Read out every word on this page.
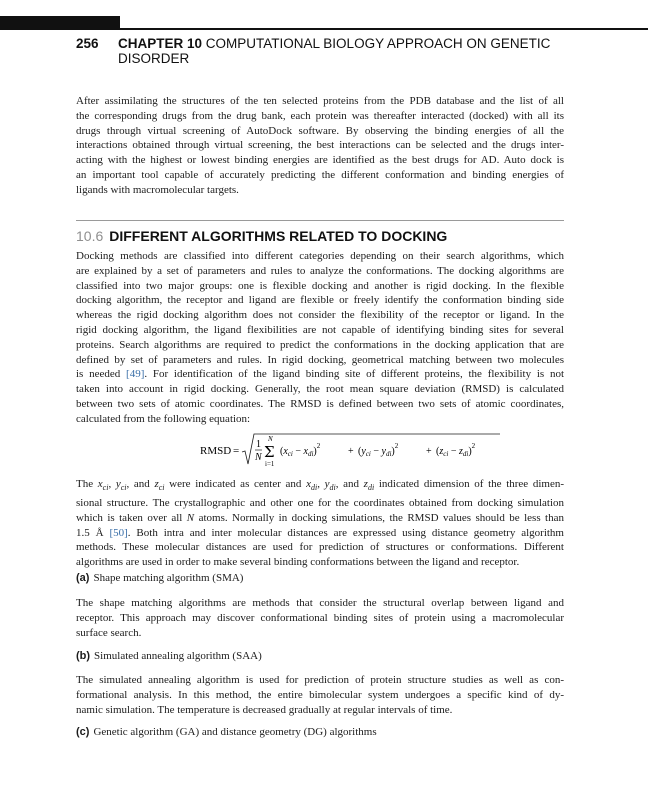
256 CHAPTER 10 COMPUTATIONAL BIOLOGY APPROACH ON GENETIC
DISORDER
After assimilating the structures of the ten selected proteins from the PDB database and the list of all
the corresponding drugs from the drug bank, each protein was thereafter interacted (docked) with all its
drugs through virtual screening of AutoDock software. By observing the binding energies of all the
interactions obtained through virtual screening, the best interactions can be selected and the drugs inter-
acting with the highest or lowest binding energies are identified as the best drugs for AD. Auto dock is
an important tool capable of accurately predicting the different conformation and binding energies of
ligands with macromolecular targets.
10.6 DIFFERENT ALGORITHMS RELATED TO DOCKING
Docking methods are classified into different categories depending on their search algorithms, which
are explained by a set of parameters and rules to analyze the conformations. The docking algorithms are
classified into two major groups: one is flexible docking and another is rigid docking. In the flexible
docking algorithm, the receptor and ligand are flexible or freely identify the conformation binding side
whereas the rigid docking algorithm does not consider the flexibility of the receptor or ligand. In the
rigid docking algorithm, the ligand flexibilities are not capable of identifying binding sites for several
proteins. Search algorithms are required to predict the conformations in the docking application that are
defined by set of parameters and rules. In rigid docking, geometrical matching between two molecules
is needed [49]. For identification of the ligand binding site of different proteins, the flexibility is not
taken into account in rigid docking. Generally, the root mean square deviation (RMSD) is calculated
between two sets of atomic coordinates. The RMSD is defined between two sets of atomic coordinates,
calculated from the following equation:
RMSD =
1
N
N
Σ
i=1
$(x_{ci} - x_{di})^2$	+ $(y_{ci} - y_{di})^2$	+ $(z_{ci} - z_{di})^2$
The $x_{ci}$, $y_{ci}$, and $z_{ci}$ were indicated as center and $x_{di}$, $y_{di}$, and $z_{di}$ indicated dimension of the three dimen-
sional structure. The crystallographic and other one for the coordinates obtained from docking simulation
which is taken over all N atoms. Normally in docking simulations, the RMSD values should be less than
1.5 Å [50]. Both intra and inter molecular distances are expressed using distance geometry algorithm
methods. These molecular distances are used for prediction of structures or conformations. Different
algorithms are used in order to make several binding conformations between the ligand and receptor.
(a) Shape matching algorithm (SMA)
The shape matching algorithms are methods that consider the structural overlap between ligand and
receptor. This approach may discover conformational binding sites of protein using a macromolecular
surface search.
(b) Simulated annealing algorithm (SAA)
The simulated annealing algorithm is used for prediction of protein structure studies as well as con-
formational analysis. In this method, the entire bimolecular system undergoes a specific kind of dy-
namic simulation. The temperature is decreased gradually at regular intervals of time.
(c) Genetic algorithm (GA) and distance geometry (DG) algorithms
